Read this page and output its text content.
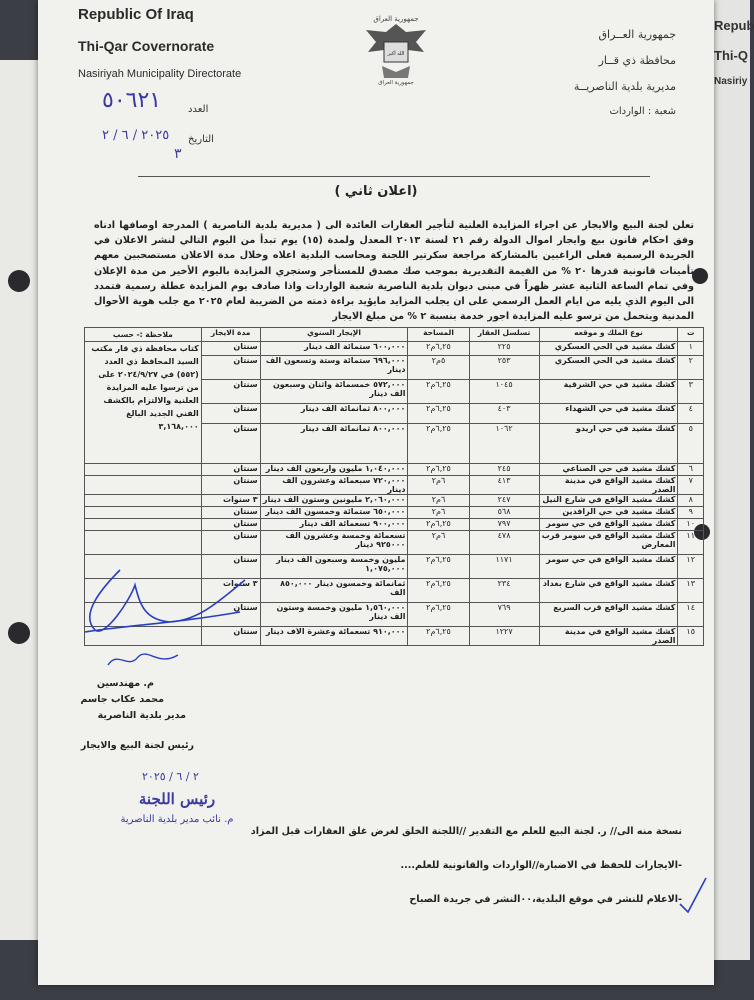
Repub
Thi-Q
Nasiriy
Republic Of Iraq
Thi-Qar Covernorate
Nasiriyah Municipality Directorate
جمهورية العــراق
محافظة ذي قــار
مديرية بلدية الناصريــة
شعبة : الواردات
جمهورية العراق
الله أكبر
جمهورية العراق
العدد
٥٠٦٢١
التاريخ
٢٠٢٥ / ٦ / ٢
٣
(اعلان ثاني )
تعلن لجنة البيع والايجار عن اجراء المزايدة العلنية لتأجير العقارات العائدة الى ( مديرية بلدية الناصرية ) المدرجة اوصافها ادناه وفق احكام قانون بيع وايجار اموال الدولة رقم ٢١ لسنة ٢٠١٣ المعدل ولمدة (١٥) يوم تبدأ من اليوم التالي لنشر الاعلان في الجريدة الرسمية فعلى الراغبين بالمشاركة مراجعة سكرتير اللجنة ومحاسب البلدية اعلاه وخلال مدة الاعلان مستصحبين معهم تأمينات قانونية قدرها ٢٠ % من القيمة التقديرية بموجب صك مصدق للمستأجر وستجري المزايدة باليوم الأخير من مدة الإعلان وفي تمام الساعة الثانية عشر ظهراً في مبنى ديوان بلدية الناصرية شعبة الواردات واذا صادف يوم المزايدة عطلة رسمية فتمدد الى اليوم الذي يليه من ايام العمل الرسمي على ان يجلب المزايد مايؤيد براءة ذمته من الضريبة لعام ٢٠٢٥ مع جلب هوية الأحوال المدنية ويتحمل من ترسو عليه المزايدة اجور خدمة بنسبة ٢ % من مبلغ الايجار
ت	نوع الملك و موقعه	تسلسل العقار	المساحة	الإيجار السنوي	مدة الايجار	ملاحظة :- حسب
١	كشك مشيد في الحي العسكري	٢٢٥	٦,٢٥م٢	٦٠٠,٠٠٠ ستمائة الف دينار	سنتان	كتاب محافظة ذي قار مكتب السيد المحافظ ذي العدد (٥٥٢) في ٢٠٢٤/٩/٢٧ على من ترسوا عليه المزايدة العلنية والالتزام بالكشف الفني الجديد البالغ ٣,١٦٨,٠٠٠
٢	كشك مشيد في الحي العسكري	٢٥٣	٥م٢	٦٩٦,٠٠٠ ستمائة وستة وتسعون الف دينار	سنتان	
٣	كشك مشيد في حي الشرقية	١٠٤٥	٦,٢٥م٢	٥٧٢,٠٠٠ خمسمائة واثنان وسبعون الف دينار	سنتان	
٤	كشك مشيد في حي الشهداء	٤٠٣	٦,٢٥م٢	٨٠٠,٠٠٠ ثمانمائة الف دينار	سنتان	
٥	كشك مشيد في حي اريدو	١٠٦٢	٦,٢٥م٢	٨٠٠,٠٠٠ ثمانمائة الف دينار	سنتان	
٦	كشك مشيد في حي الصناعي	٢٤٥	٦,٢٥م٢	١,٠٤٠,٠٠٠ مليون واربعون الف دينار	سنتان	
٧	كشك مشيد الواقع في مدينة الصدر	٤١٣	٦م٢	٧٢٠,٠٠٠ سبعمائة وعشرون الف دينار	سنتان	
٨	كشك مشيد الواقع في شارع النيل	٢٤٧	٦م٢	٢,٠٦٠,٠٠٠ مليونين وستون الف دينار	٣ سنوات	
٩	كشك مشيد في حي الرافدين	٥٦٨	٦م٢	٦٥٠,٠٠٠ ستمائة وخمسون الف دينار	سنتان	
١٠	كشك مشيد الواقع في حي سومر	٧٩٧	٦,٢٥م٢	٩٠٠,٠٠٠ تسعمائة الف دينار	سنتان	
١١	كشك مشيد الواقع في سومر قرب المعارض	٤٧٨	٦م٢	تسعمائة وخمسة وعشرون الف ٩٢٥٠٠٠ دينار	سنتان	
١٢	كشك مشيد الواقع في حي سومر	١١٧١	٦,٢٥م٢	مليون وخمسة وسبعون الف دينار ١,٠٧٥,٠٠٠	سنتان	
١٣	كشك مشيد الواقع في شارع بغداد	٢٣٤	٦,٢٥م٢	ثمانمائة وخمسون دينار ٨٥٠,٠٠٠ الف	٣ سنوات	
١٤	كشك مشيد الواقع قرب السريع	٧٦٩	٦,٢٥م٢	١,٥٦٠,٠٠٠ مليون وخمسة وستون الف دينار	سنتان	
١٥	كشك مشيد الواقع في مدينة الصدر	١٢٢٧	٦,٢٥م٢	٩١٠,٠٠٠ تسعمائة وعشرة الاف دينار	سنتان	
م. مهندسين
محمد عكاب جاسم
مدير بلدية الناصرية
رئيس لجنة البيع والايجار
٢ / ٦ / ٢٠٢٥
رئيس اللجنة
م. نائب مدير بلدية الناصرية
نسخة منه الى// ر. لجنة البيع للعلم مع التقدير //اللجنة الخلق لغرض غلق العقارات قبل المزاد
-الايجارات للحفظ في الاضبارة//الواردات والقانونية للعلم....
-الاعلام للنشر في موقع البلدية،٠٠النشر في جريدة الصباح
